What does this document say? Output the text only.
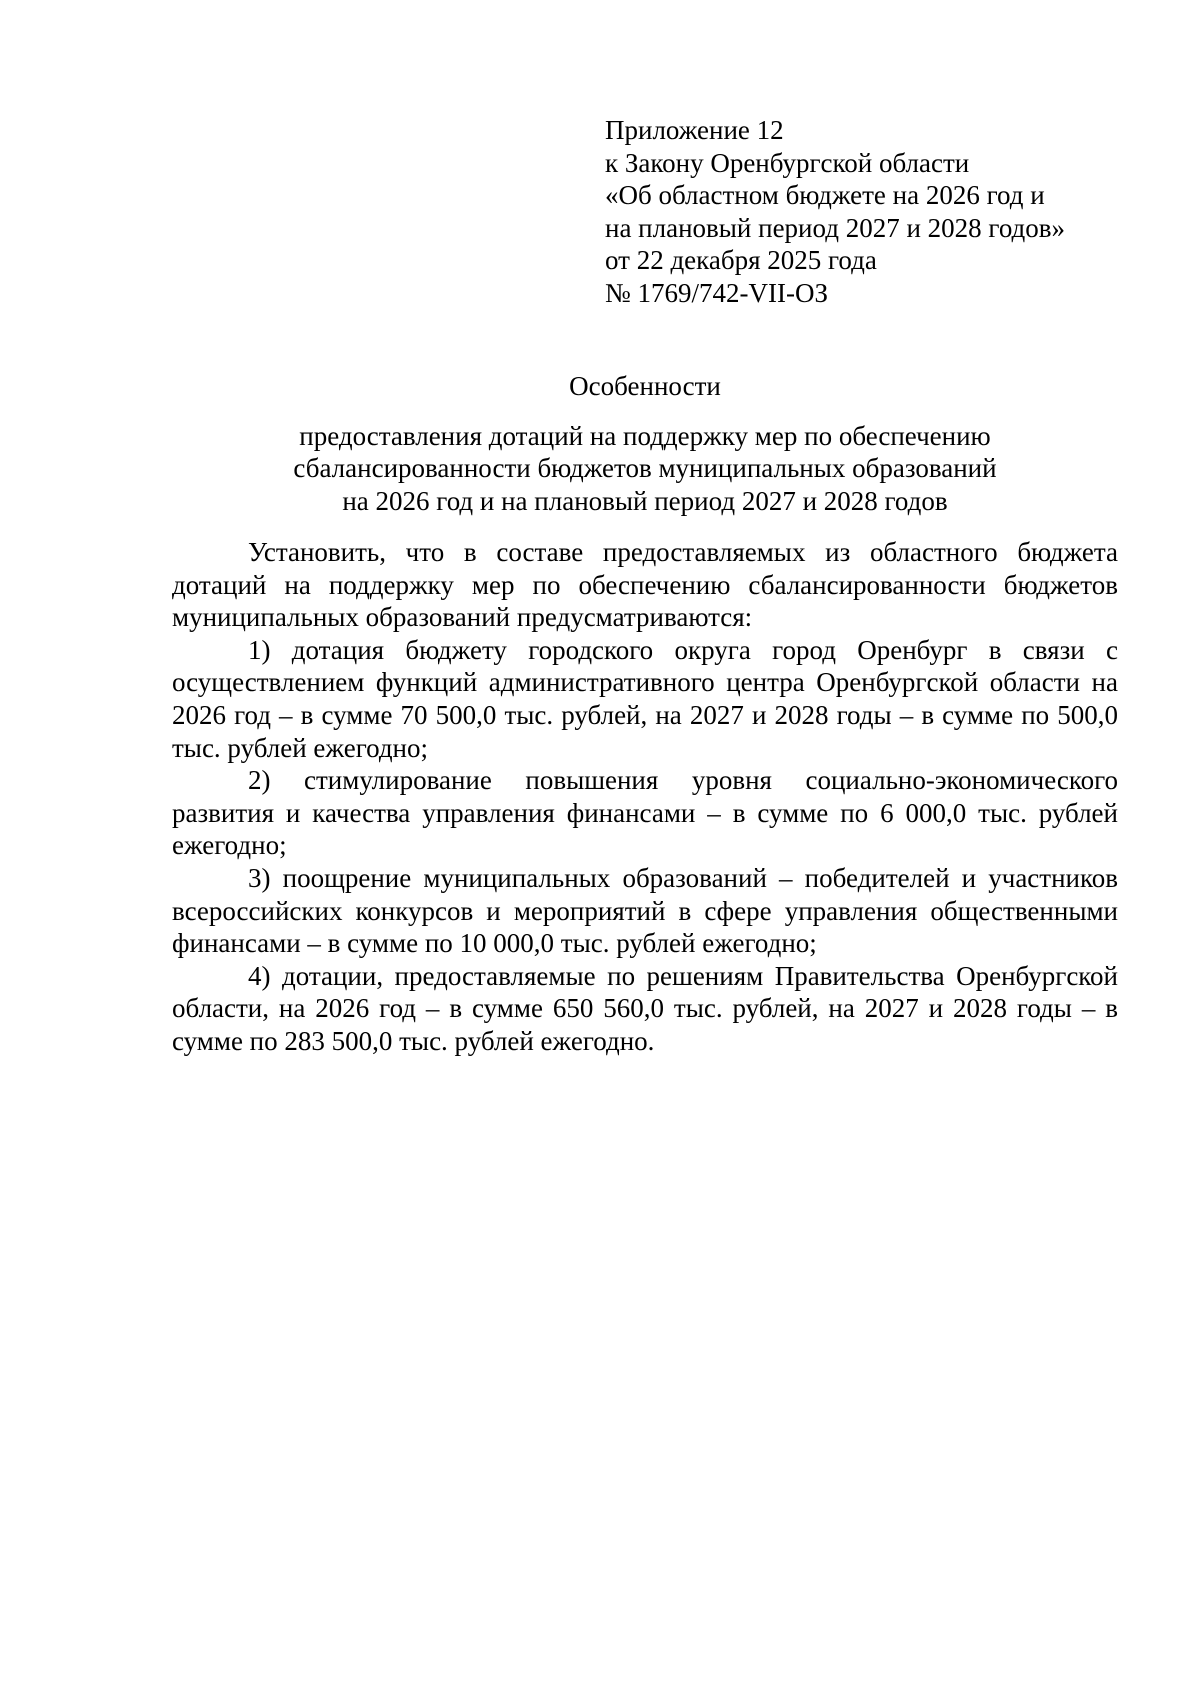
Приложение 12
к Закону Оренбургской области
«Об областном бюджете на 2026 год и
на плановый период 2027 и 2028 годов»
от 22 декабря 2025 года
№ 1769/742-VII-ОЗ
Особенности
предоставления дотаций на поддержку мер по обеспечению
сбалансированности бюджетов муниципальных образований
на 2026 год и на плановый период 2027 и 2028 годов

Установить, что в составе предоставляемых из областного бюджета дотаций на поддержку мер по обеспечению сбалансированности бюджетов муниципальных образований предусматриваются:

1) дотация бюджету городского округа город Оренбург в связи с осуществлением функций административного центра Оренбургской области на 2026 год – в сумме 70 500,0 тыс. рублей, на 2027 и 2028 годы – в сумме по 500,0 тыс. рублей ежегодно;

2) стимулирование повышения уровня социально-экономического развития и качества управления финансами – в сумме по 6 000,0 тыс. рублей ежегодно;

3) поощрение муниципальных образований – победителей и участников всероссийских конкурсов и мероприятий в сфере управления общественными финансами – в сумме по 10 000,0 тыс. рублей ежегодно;

4) дотации, предоставляемые по решениям Правительства Оренбургской области, на 2026 год – в сумме 650 560,0 тыс. рублей, на 2027 и 2028 годы – в сумме по 283 500,0 тыс. рублей ежегодно.
